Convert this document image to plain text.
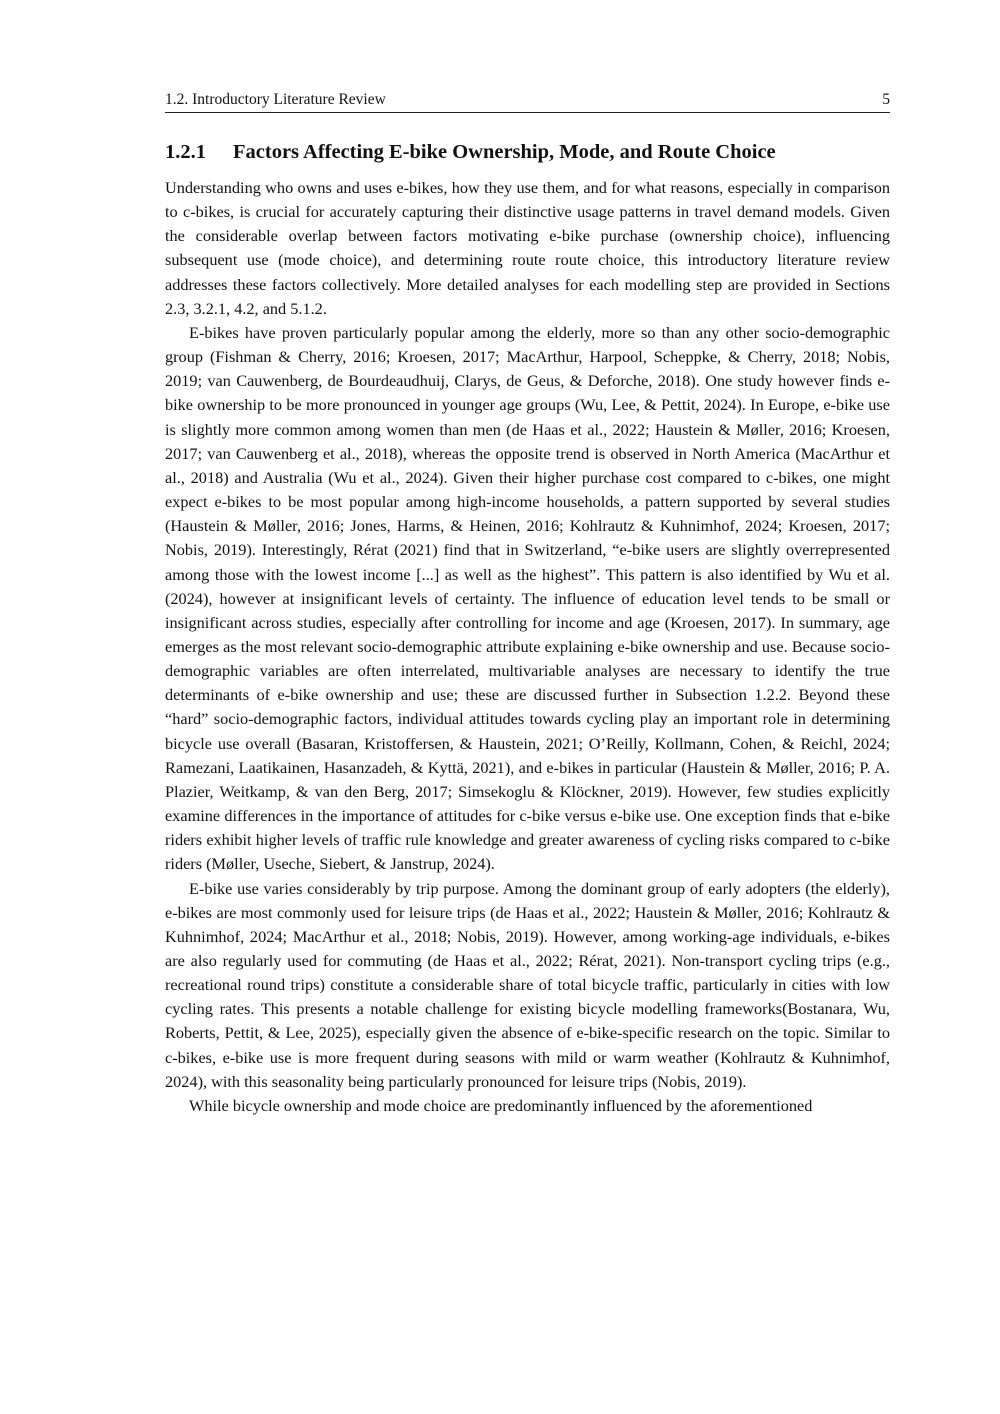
1.2. Introductory Literature Review	5
1.2.1 Factors Affecting E-bike Ownership, Mode, and Route Choice

Understanding who owns and uses e-bikes, how they use them, and for what reasons, especially in comparison to c-bikes, is crucial for accurately capturing their distinctive usage patterns in travel demand models. Given the considerable overlap between factors motivating e-bike purchase (ownership choice), influencing subsequent use (mode choice), and determining route route choice, this introductory literature review addresses these factors collectively. More detailed analyses for each modelling step are provided in Sections 2.3, 3.2.1, 4.2, and 5.1.2.

E-bikes have proven particularly popular among the elderly, more so than any other socio-demographic group (Fishman & Cherry, 2016; Kroesen, 2017; MacArthur, Harpool, Scheppke, & Cherry, 2018; Nobis, 2019; van Cauwenberg, de Bourdeaudhuij, Clarys, de Geus, & Deforche, 2018). One study however finds e-bike ownership to be more pronounced in younger age groups (Wu, Lee, & Pettit, 2024). In Europe, e-bike use is slightly more common among women than men (de Haas et al., 2022; Haustein & Møller, 2016; Kroesen, 2017; van Cauwenberg et al., 2018), whereas the opposite trend is observed in North America (MacArthur et al., 2018) and Australia (Wu et al., 2024). Given their higher purchase cost compared to c-bikes, one might expect e-bikes to be most popular among high-income households, a pattern supported by several studies (Haustein & Møller, 2016; Jones, Harms, & Heinen, 2016; Kohlrautz & Kuhnimhof, 2024; Kroesen, 2017; Nobis, 2019). Interestingly, Rérat (2021) find that in Switzerland, “e-bike users are slightly overrepresented among those with the lowest income [...] as well as the highest”. This pattern is also identified by Wu et al. (2024), however at insignificant levels of certainty. The influence of education level tends to be small or insignificant across studies, especially after controlling for income and age (Kroesen, 2017). In summary, age emerges as the most relevant socio-demographic attribute explaining e-bike ownership and use. Because socio-demographic variables are often interrelated, multivariable analyses are necessary to identify the true determinants of e-bike ownership and use; these are discussed further in Subsection 1.2.2. Beyond these “hard” socio-demographic factors, individual attitudes towards cycling play an important role in determining bicycle use overall (Basaran, Kristoffersen, & Haustein, 2021; O’Reilly, Kollmann, Cohen, & Reichl, 2024; Ramezani, Laatikainen, Hasanzadeh, & Kyttä, 2021), and e-bikes in particular (Haustein & Møller, 2016; P. A. Plazier, Weitkamp, & van den Berg, 2017; Simsekoglu & Klöckner, 2019). However, few studies explicitly examine differences in the importance of attitudes for c-bike versus e-bike use. One exception finds that e-bike riders exhibit higher levels of traffic rule knowledge and greater awareness of cycling risks compared to c-bike riders (Møller, Useche, Siebert, & Janstrup, 2024).

E-bike use varies considerably by trip purpose. Among the dominant group of early adopters (the elderly), e-bikes are most commonly used for leisure trips (de Haas et al., 2022; Haustein & Møller, 2016; Kohlrautz & Kuhnimhof, 2024; MacArthur et al., 2018; Nobis, 2019). However, among working-age individuals, e-bikes are also regularly used for commuting (de Haas et al., 2022; Rérat, 2021). Non-transport cycling trips (e.g., recreational round trips) constitute a considerable share of total bicycle traffic, particularly in cities with low cycling rates. This presents a notable challenge for existing bicycle modelling frameworks(Bostanara, Wu, Roberts, Pettit, & Lee, 2025), especially given the absence of e-bike-specific research on the topic. Similar to c-bikes, e-bike use is more frequent during seasons with mild or warm weather (Kohlrautz & Kuhnimhof, 2024), with this seasonality being particularly pronounced for leisure trips (Nobis, 2019).

While bicycle ownership and mode choice are predominantly influenced by the aforementioned
